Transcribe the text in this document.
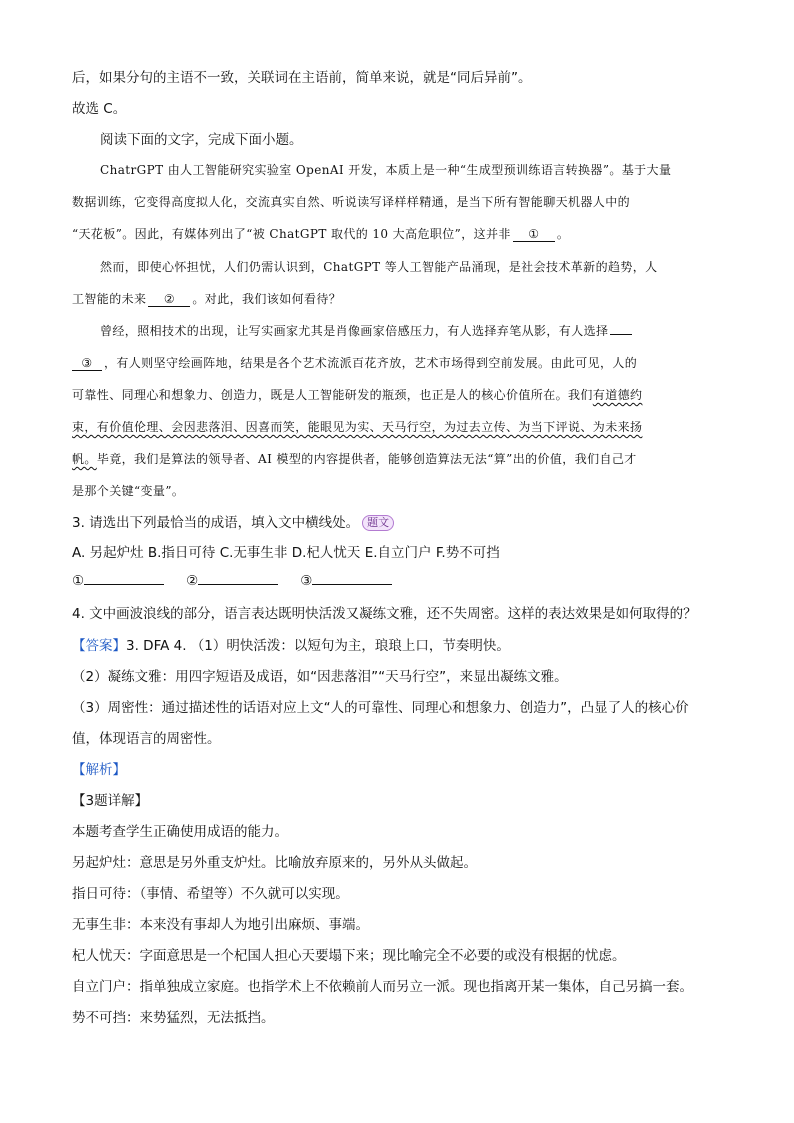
后，如果分句的主语不一致，关联词在主语前，简单来说，就是“同后异前”。
故选 C。
阅读下面的文字，完成下面小题。
ChatrGPT 由人工智能研究实验室 OpenAI 开发，本质上是一种“生成型预训练语言转换器”。基于大量
数据训练，它变得高度拟人化，交流真实自然、听说读写译样样精通，是当下所有智能聊天机器人中的
“天花板”。因此，有媒体列出了“被 ChatGPT 取代的 10 大高危职位”，这并非 ① 。
然而，即使心怀担忧，人们仍需认识到，ChatGPT 等人工智能产品涌现，是社会技术革新的趋势，人
工智能的未来 ② 。对此，我们该如何看待？
曾经，照相技术的出现，让写实画家尤其是肖像画家倍感压力，有人选择弃笔从影，有人选择
③ ，有人则坚守绘画阵地，结果是各个艺术流派百花齐放，艺术市场得到空前发展。由此可见，人的
可靠性、同理心和想象力、创造力，既是人工智能研发的瓶颈，也正是人的核心价值所在。我们有道德约
束，有价值伦理、会因悲落泪、因喜而笑，能眼见为实、天马行空，为过去立传、为当下评说、为未来扬
帆。毕竟，我们是算法的领导者、AI 模型的内容提供者，能够创造算法无法“算”出的价值，我们自己才
是那个关键“变量”。
3. 请选出下列最恰当的成语，填入文中横线处。 题文
A. 另起炉灶 B.指日可待 C.无事生非 D.杞人忧天 E.自立门户 F.势不可挡
①	②	③
4. 文中画波浪线的部分，语言表达既明快活泼又凝练文雅，还不失周密。这样的表达效果是如何取得的？
【答案】3. DFA 4. （1）明快活泼：以短句为主，琅琅上口，节奏明快。
（2）凝练文雅：用四字短语及成语，如“因悲落泪”“天马行空”，来显出凝练文雅。
（3）周密性：通过描述性的话语对应上文“人的可靠性、同理心和想象力、创造力”，凸显了人的核心价
值，体现语言的周密性。
【解析】
【3题详解】
本题考查学生正确使用成语的能力。
另起炉灶：意思是另外重支炉灶。比喻放弃原来的，另外从头做起。
指日可待：（事情、希望等）不久就可以实现。
无事生非：本来没有事却人为地引出麻烦、事端。
杞人忧天：字面意思是一个杞国人担心天要塌下来；现比喻完全不必要的或没有根据的忧虑。
自立门户：指单独成立家庭。也指学术上不依赖前人而另立一派。现也指离开某一集体，自己另搞一套。
势不可挡：来势猛烈，无法抵挡。
